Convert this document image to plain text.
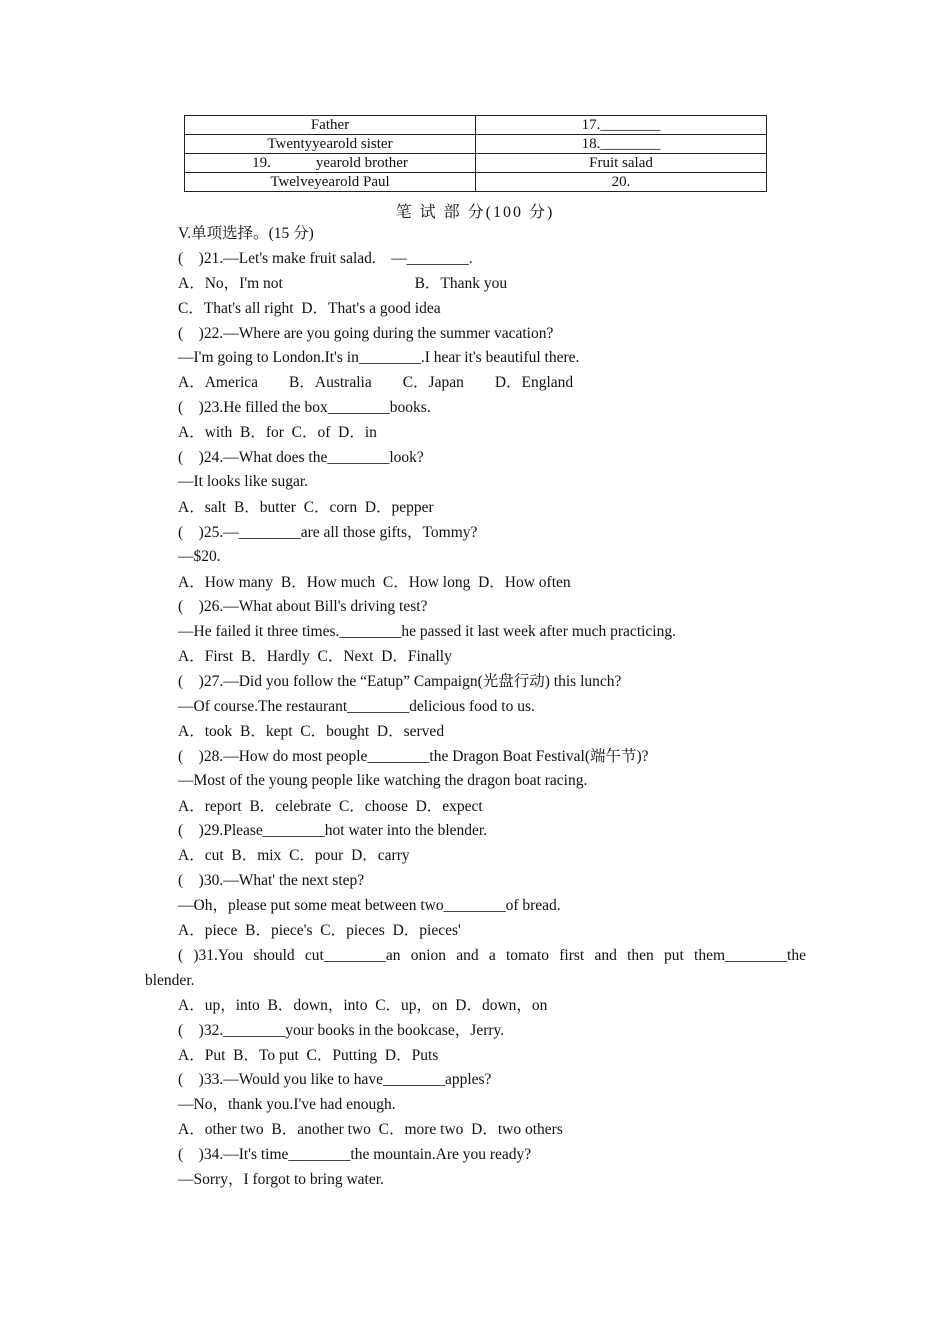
Father	17.________
Twentyyearold sister	18.________
19.            yearold brother	Fruit salad
Twelveyearold Paul	20.
笔 试 部 分(100 分)
V.单项选择。(15 分)
(    )21.—Let's make fruit salad.    —________.
A．No，I'm not                                  B．Thank you
C．That's all right  D．That's a good idea
(    )22.—Where are you going during the summer vacation?
—I'm going to London.It's in________.I hear it's beautiful there.
A．America        B．Australia        C．Japan        D．England
(    )23.He filled the box________books.
A．with  B．for  C．of  D．in
(    )24.—What does the________look?
—It looks like sugar.
A．salt  B．butter  C．corn  D．pepper
(    )25.—________are all those gifts，Tommy?
—$20.
A．How many  B．How much  C．How long  D．How often
(    )26.—What about Bill's driving test?
—He failed it three times.________he passed it last week after much practicing.
A．First  B．Hardly  C．Next  D．Finally
(    )27.—Did you follow the “Eatup” Campaign(光盘行动) this lunch?
—Of course.The restaurant________delicious food to us.
A．took  B．kept  C．bought  D．served
(    )28.—How do most people________the Dragon Boat Festival(端午节)?
—Most of the young people like watching the dragon boat racing.
A．report  B．celebrate  C．choose  D．expect
(    )29.Please________hot water into the blender.
A．cut  B．mix  C．pour  D．carry
(    )30.—What' the next step?
—Oh，please put some meat between two________of bread.
A．piece  B．piece's  C．pieces  D．pieces'
( )31.You should cut________an onion and a tomato first and then put them________the
blender.
A．up，into  B．down，into  C．up，on  D．down，on
(    )32.________your books in the bookcase，Jerry.
A．Put  B．To put  C．Putting  D．Puts
(    )33.—Would you like to have________apples?
—No，thank you.I've had enough.
A．other two  B．another two  C．more two  D．two others
(    )34.—It's time________the mountain.Are you ready?
—Sorry，I forgot to bring water.
